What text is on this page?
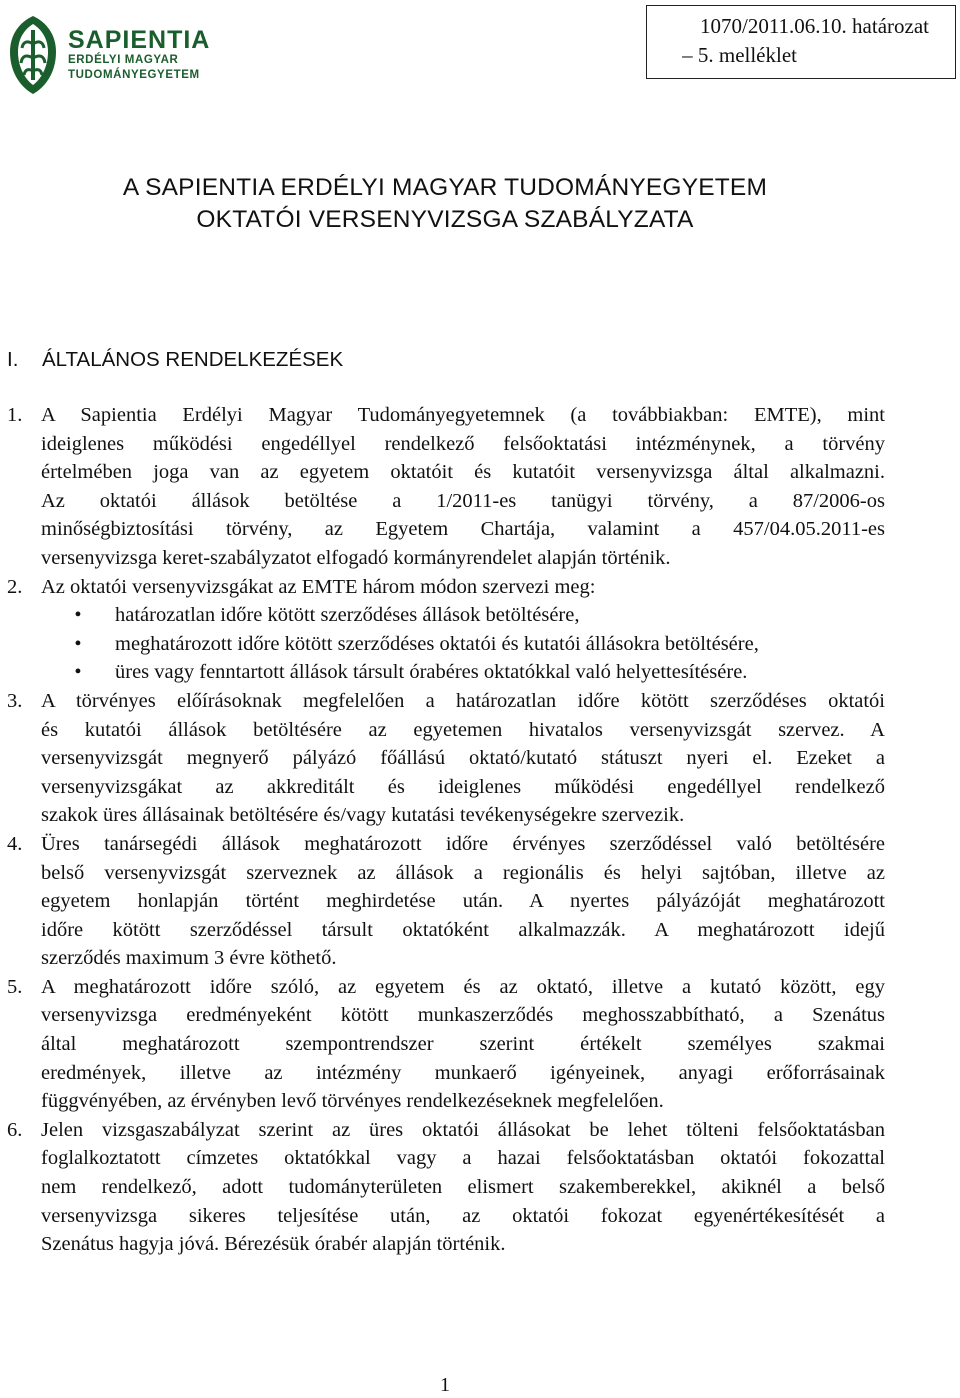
SAPIENTIA
ERDÉLYI MAGYAR
TUDOMÁNYEGYETEM
1070/2011.06.10. határozat
– 5. melléklet
A SAPIENTIA ERDÉLYI MAGYAR TUDOMÁNYEGYETEM
OKTATÓI VERSENYVIZSGA SZABÁLYZATA
I. ÁLTALÁNOS RENDELKEZÉSEK
1. A Sapientia Erdélyi Magyar Tudományegyetemnek (a továbbiakban: EMTE), mint
ideiglenes működési engedéllyel rendelkező felsőoktatási intézménynek, a törvény
értelmében joga van az egyetem oktatóit és kutatóit versenyvizsga által alkalmazni.
Az oktatói állások betöltése a 1/2011-es tanügyi törvény, a 87/2006-os
minőségbiztosítási törvény, az Egyetem Chartája, valamint a 457/04.05.2011-es
versenyvizsga keret-szabályzatot elfogadó kormányrendelet alapján történik.
2. Az oktatói versenyvizsgákat az EMTE három módon szervezi meg:
•	határozatlan időre kötött szerződéses állások betöltésére,
•	meghatározott időre kötött szerződéses oktatói és kutatói állásokra betöltésére,
•	üres vagy fenntartott állások társult órabéres oktatókkal való helyettesítésére.
3. A törvényes előírásoknak megfelelően a határozatlan időre kötött szerződéses oktatói
és kutatói állások betöltésére az egyetemen hivatalos versenyvizsgát szervez. A
versenyvizsgát megnyerő pályázó főállású oktató/kutató státuszt nyeri el. Ezeket a
versenyvizsgákat az akkreditált és ideiglenes működési engedéllyel rendelkező
szakok üres állásainak betöltésére és/vagy kutatási tevékenységekre szervezik.
4. Üres tanársegédi állások meghatározott időre érvényes szerződéssel való betöltésére
belső versenyvizsgát szerveznek az állások a regionális és helyi sajtóban, illetve az
egyetem honlapján történt meghirdetése után. A nyertes pályázóját meghatározott
időre kötött szerződéssel társult oktatóként alkalmazzák. A meghatározott idejű
szerződés maximum 3 évre köthető.
5. A meghatározott időre szóló, az egyetem és az oktató, illetve a kutató között, egy
versenyvizsga eredményeként kötött munkaszerződés meghosszabbítható, a Szenátus
által meghatározott szempontrendszer szerint értékelt személyes szakmai
eredmények, illetve az intézmény munkaerő igényeinek, anyagi erőforrásainak
függvényében, az érvényben levő törvényes rendelkezéseknek megfelelően.
6. Jelen vizsgaszabályzat szerint az üres oktatói állásokat be lehet tölteni felsőoktatásban
foglalkoztatott címzetes oktatókkal vagy a hazai felsőoktatásban oktatói fokozattal
nem rendelkező, adott tudományterületen elismert szakemberekkel, akiknél a belső
versenyvizsga sikeres teljesítése után, az oktatói fokozat egyenértékesítését a
Szenátus hagyja jóvá. Bérezésük órabér alapján történik.
1
